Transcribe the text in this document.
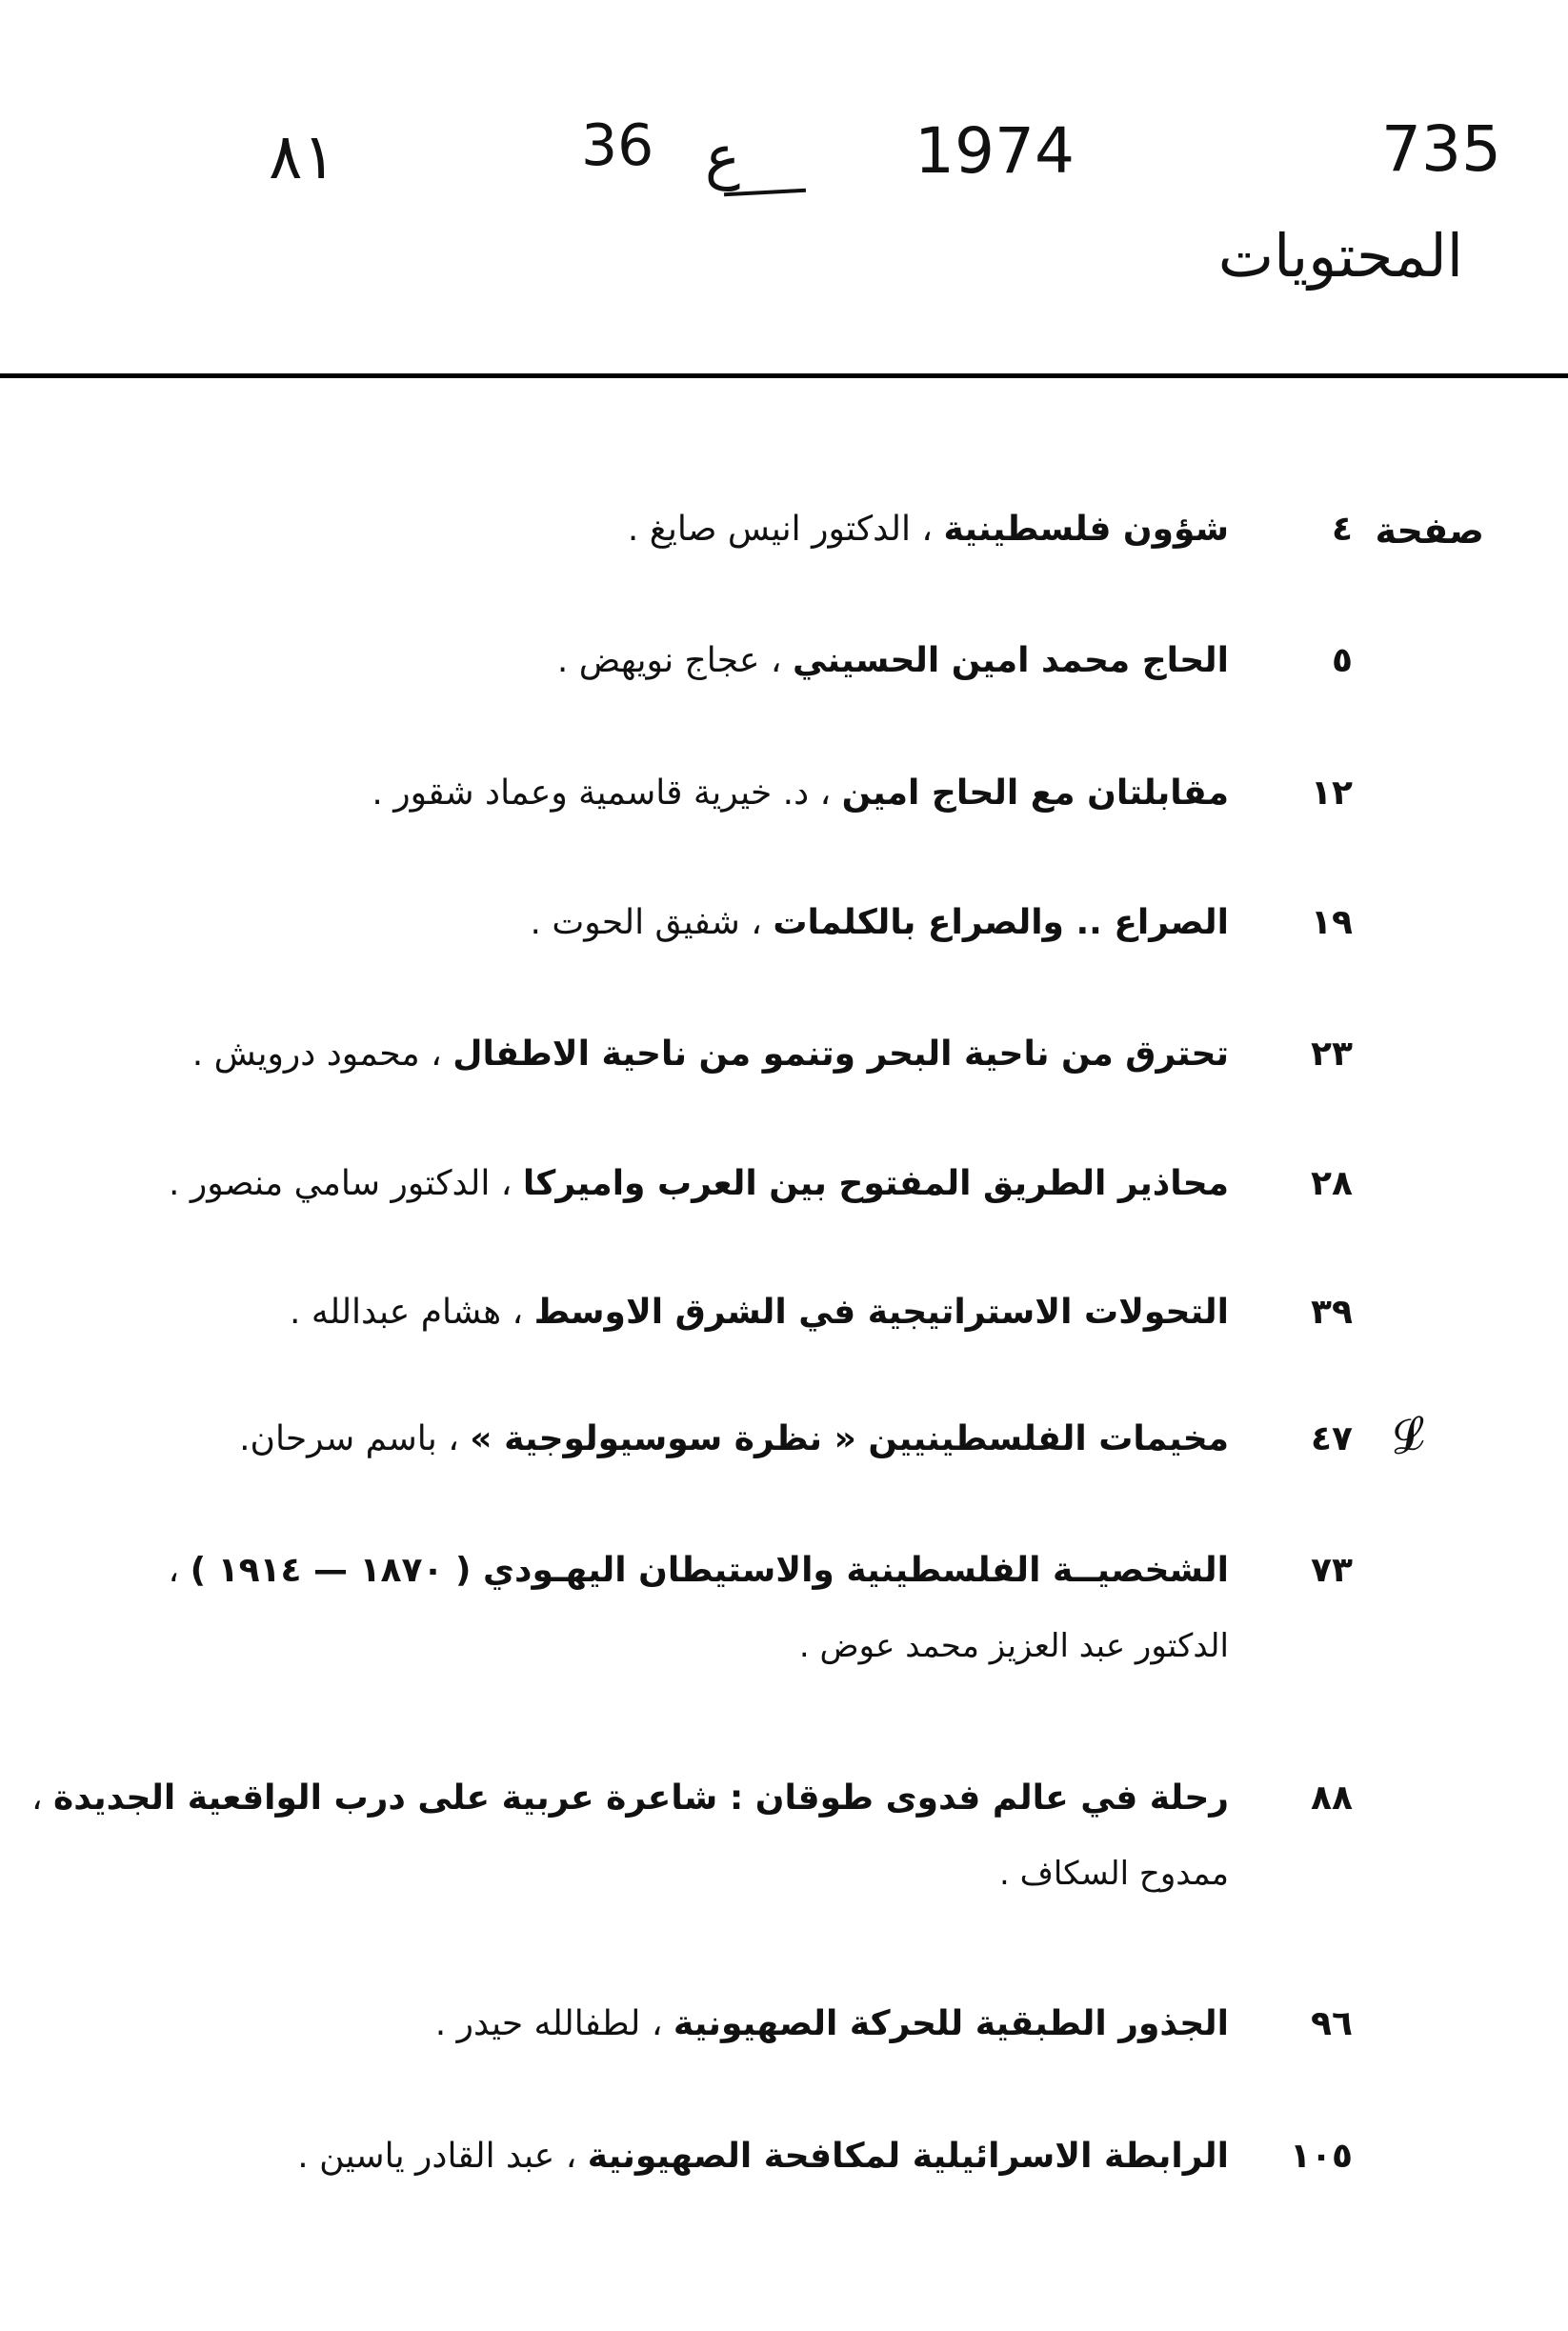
735
1974
ع
36
٨١
المحتويات
صفحة
٤
شؤون فلسطينية ، الدكتور انيس صايغ .
٥
الحاج محمد امين الحسيني ، عجاج نويهض .
١٢
مقابلتان مع الحاج امين ، د. خيرية قاسمية وعماد شقور .
١٩
الصراع .. والصراع بالكلمات ، شفيق الحوت .
٢٣
تحترق من ناحية البحر وتنمو من ناحية الاطفال ، محمود درويش .
٢٨
محاذير الطريق المفتوح بين العرب واميركا ، الدكتور سامي منصور .
٣٩
التحولات الاستراتيجية في الشرق الاوسط ، هشام عبدالله .
٤٧
مخيمات الفلسطينيين « نظرة سوسيولوجية » ، باسم سرحان.
٧٣
الشخصيــة الفلسطينية والاستيطان اليهـودي ( ١٨٧٠ — ١٩١٤ ) ،
الدكتور عبد العزيز محمد عوض .
٨٨
رحلة في عالم فدوى طوقان : شاعرة عربية على درب الواقعية الجديدة ،
ممدوح السكاف .
٩٦
الجذور الطبقية للحركة الصهيونية ، لطفالله حيدر .
١٠٥
الرابطة الاسرائيلية لمكافحة الصهيونية ، عبد القادر ياسين .
𝓛
